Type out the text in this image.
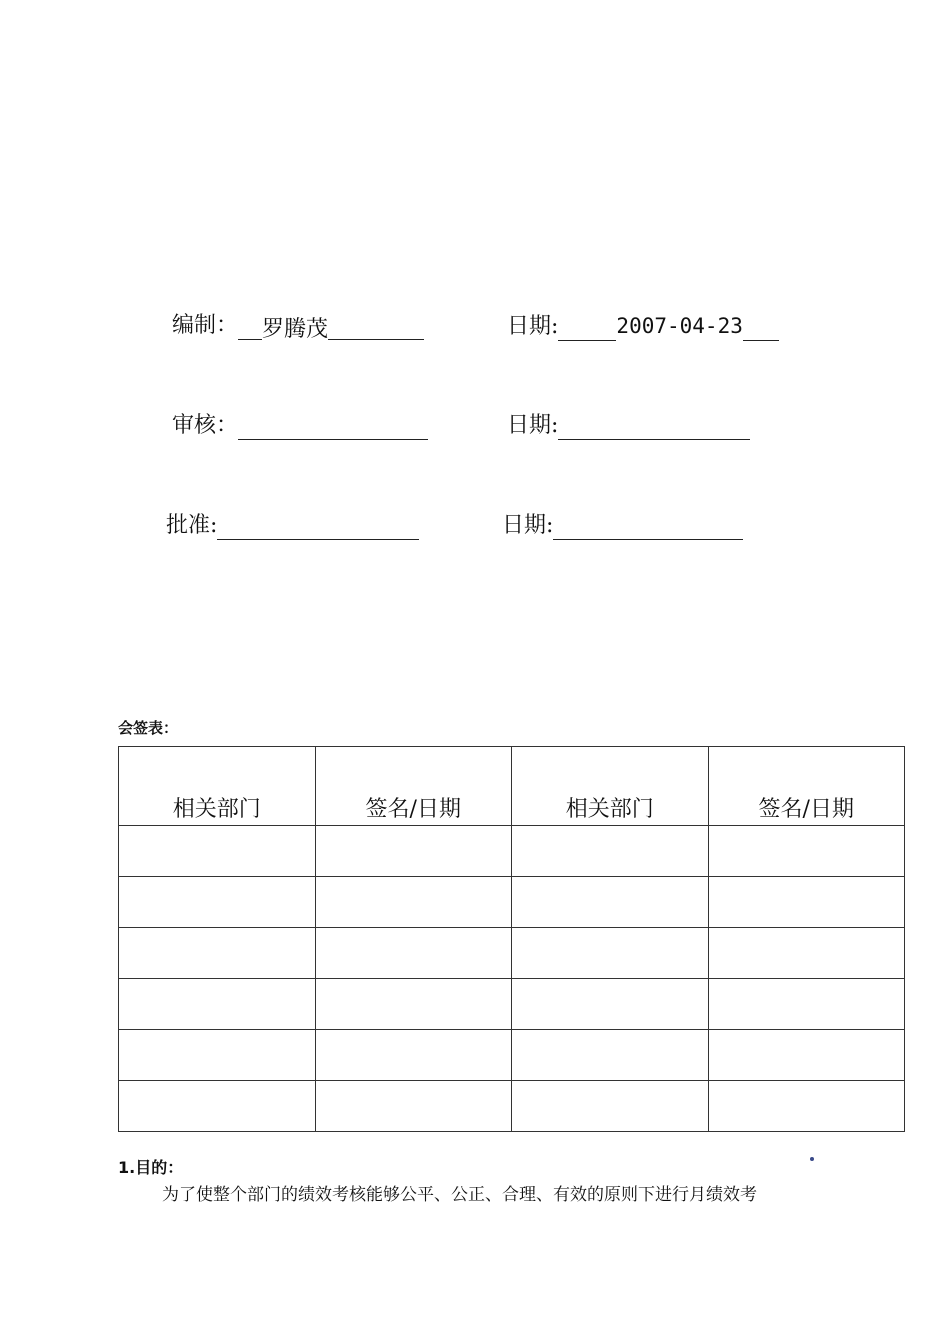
编制： 罗腾茂	日期:	2007-04-23
审核：	日期:
批准:	日期:
会签表：
相关部门	签名/日期	相关部门	签名/日期

1.目的：
为了使整个部门的绩效考核能够公平、公正、合理、有效的原则下进行月绩效考
